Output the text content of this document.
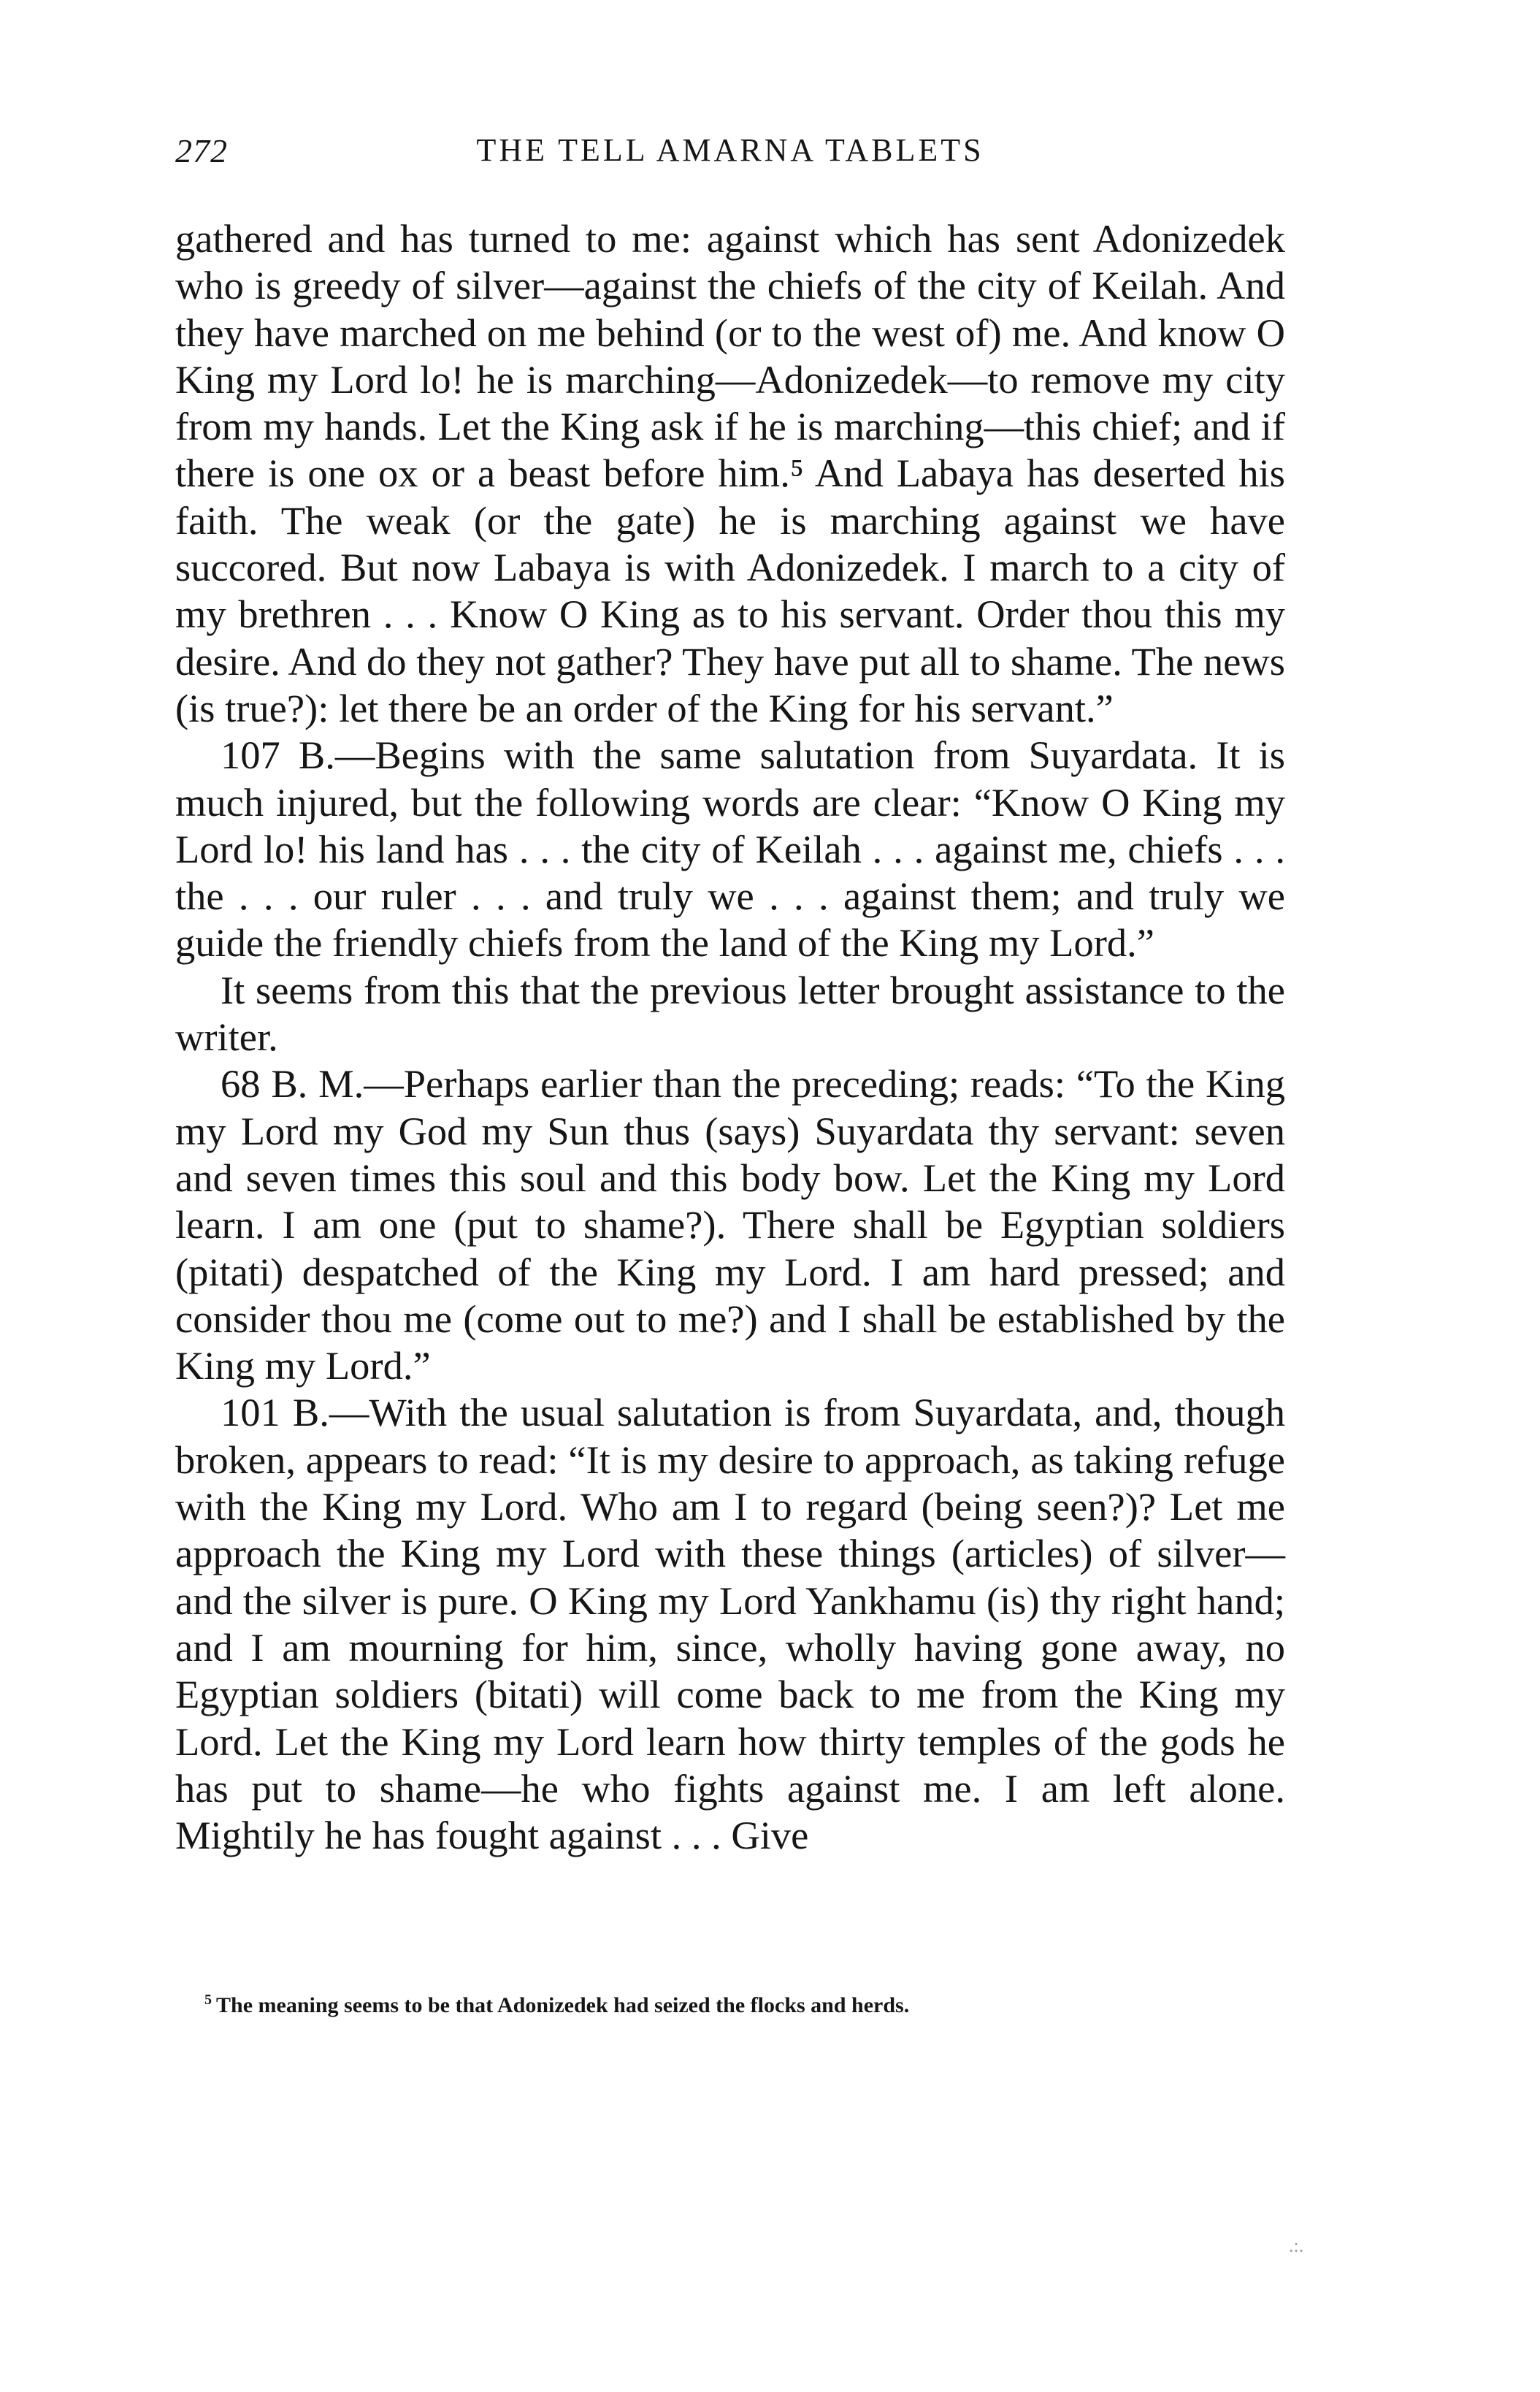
272	THE TELL AMARNA TABLETS

gathered and has turned to me: against which has sent Adonizedek who is greedy of silver—against the chiefs of the city of Keilah. And they have marched on me behind (or to the west of) me. And know O King my Lord lo! he is marching—Adonizedek—to remove my city from my hands. Let the King ask if he is marching—this chief; and if there is one ox or a beast before him.⁵ And Labaya has deserted his faith. The weak (or the gate) he is marching against we have succored. But now Labaya is with Adonizedek. I march to a city of my brethren . . . Know O King as to his servant. Order thou this my desire. And do they not gather? They have put all to shame. The news (is true?): let there be an order of the King for his servant.”

107 B.—Begins with the same salutation from Suyardata. It is much injured, but the following words are clear: “Know O King my Lord lo! his land has . . . the city of Keilah . . . against me, chiefs . . . the . . . our ruler . . . and truly we . . . against them; and truly we guide the friendly chiefs from the land of the King my Lord.”

It seems from this that the previous letter brought assistance to the writer.

68 B. M.—Perhaps earlier than the preceding; reads: “To the King my Lord my God my Sun thus (says) Suyardata thy servant: seven and seven times this soul and this body bow. Let the King my Lord learn. I am one (put to shame?). There shall be Egyptian soldiers (pitati) despatched of the King my Lord. I am hard pressed; and consider thou me (come out to me?) and I shall be established by the King my Lord.”

101 B.—With the usual salutation is from Suyardata, and, though broken, appears to read: “It is my desire to approach, as taking refuge with the King my Lord. Who am I to regard (being seen?)? Let me approach the King my Lord with these things (articles) of silver—and the silver is pure. O King my Lord Yankhamu (is) thy right hand; and I am mourning for him, since, wholly having gone away, no Egyptian soldiers (bitati) will come back to me from the King my Lord. Let the King my Lord learn how thirty temples of the gods he has put to shame—he who fights against me. I am left alone. Mightily he has fought against . . . Give

$^5$ The meaning seems to be that Adonizedek had seized the flocks and herds.
.:.
